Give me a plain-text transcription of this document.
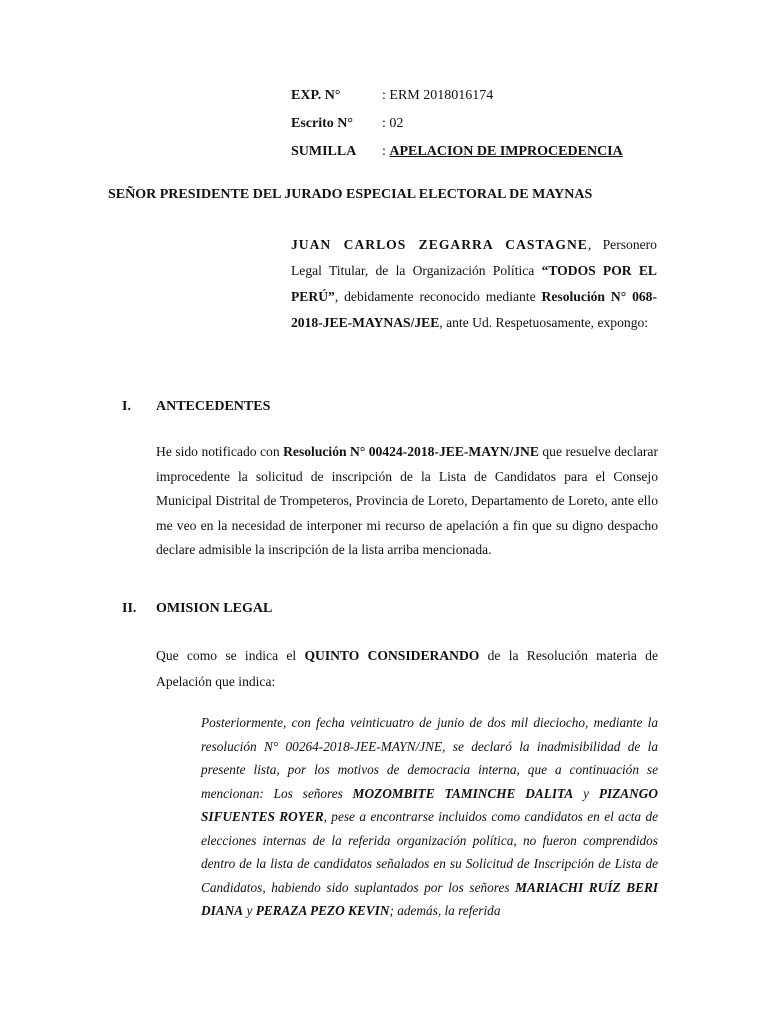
EXP. N°	: ERM 2018016174
Escrito N° : 02
SUMILLA : APELACION DE IMPROCEDENCIA
SEÑOR PRESIDENTE DEL JURADO ESPECIAL ELECTORAL DE MAYNAS
JUAN CARLOS ZEGARRA CASTAGNE, Personero Legal Titular, de la Organización Política “TODOS POR EL PERÚ”, debidamente reconocido mediante Resolución N° 068-2018-JEE-MAYNAS/JEE, ante Ud. Respetuosamente, expongo:
I. ANTECEDENTES
He sido notificado con Resolución N° 00424-2018-JEE-MAYN/JNE que resuelve declarar improcedente la solicitud de inscripción de la Lista de Candidatos para el Consejo Municipal Distrital de Trompeteros, Provincia de Loreto, Departamento de Loreto, ante ello me veo en la necesidad de interponer mi recurso de apelación a fin que su digno despacho declare admisible la inscripción de la lista arriba mencionada.
II. OMISION LEGAL
Que como se indica el QUINTO CONSIDERANDO de la Resolución materia de Apelación que indica:
Posteriormente, con fecha veinticuatro de junio de dos mil dieciocho, mediante la resolución N° 00264-2018-JEE-MAYN/JNE, se declaró la inadmisibilidad de la presente lista, por los motivos de democracia interna, que a continuación se mencionan: Los señores MOZOMBITE TAMINCHE DALITA y PIZANGO SIFUENTES ROYER, pese a encontrarse incluidos como candidatos en el acta de elecciones internas de la referida organización política, no fueron comprendidos dentro de la lista de candidatos señalados en su Solicitud de Inscripción de Lista de Candidatos, habiendo sido suplantados por los señores MARIACHI RUÍZ BERI DIANA y PERAZA PEZO KEVIN; además, la referida
